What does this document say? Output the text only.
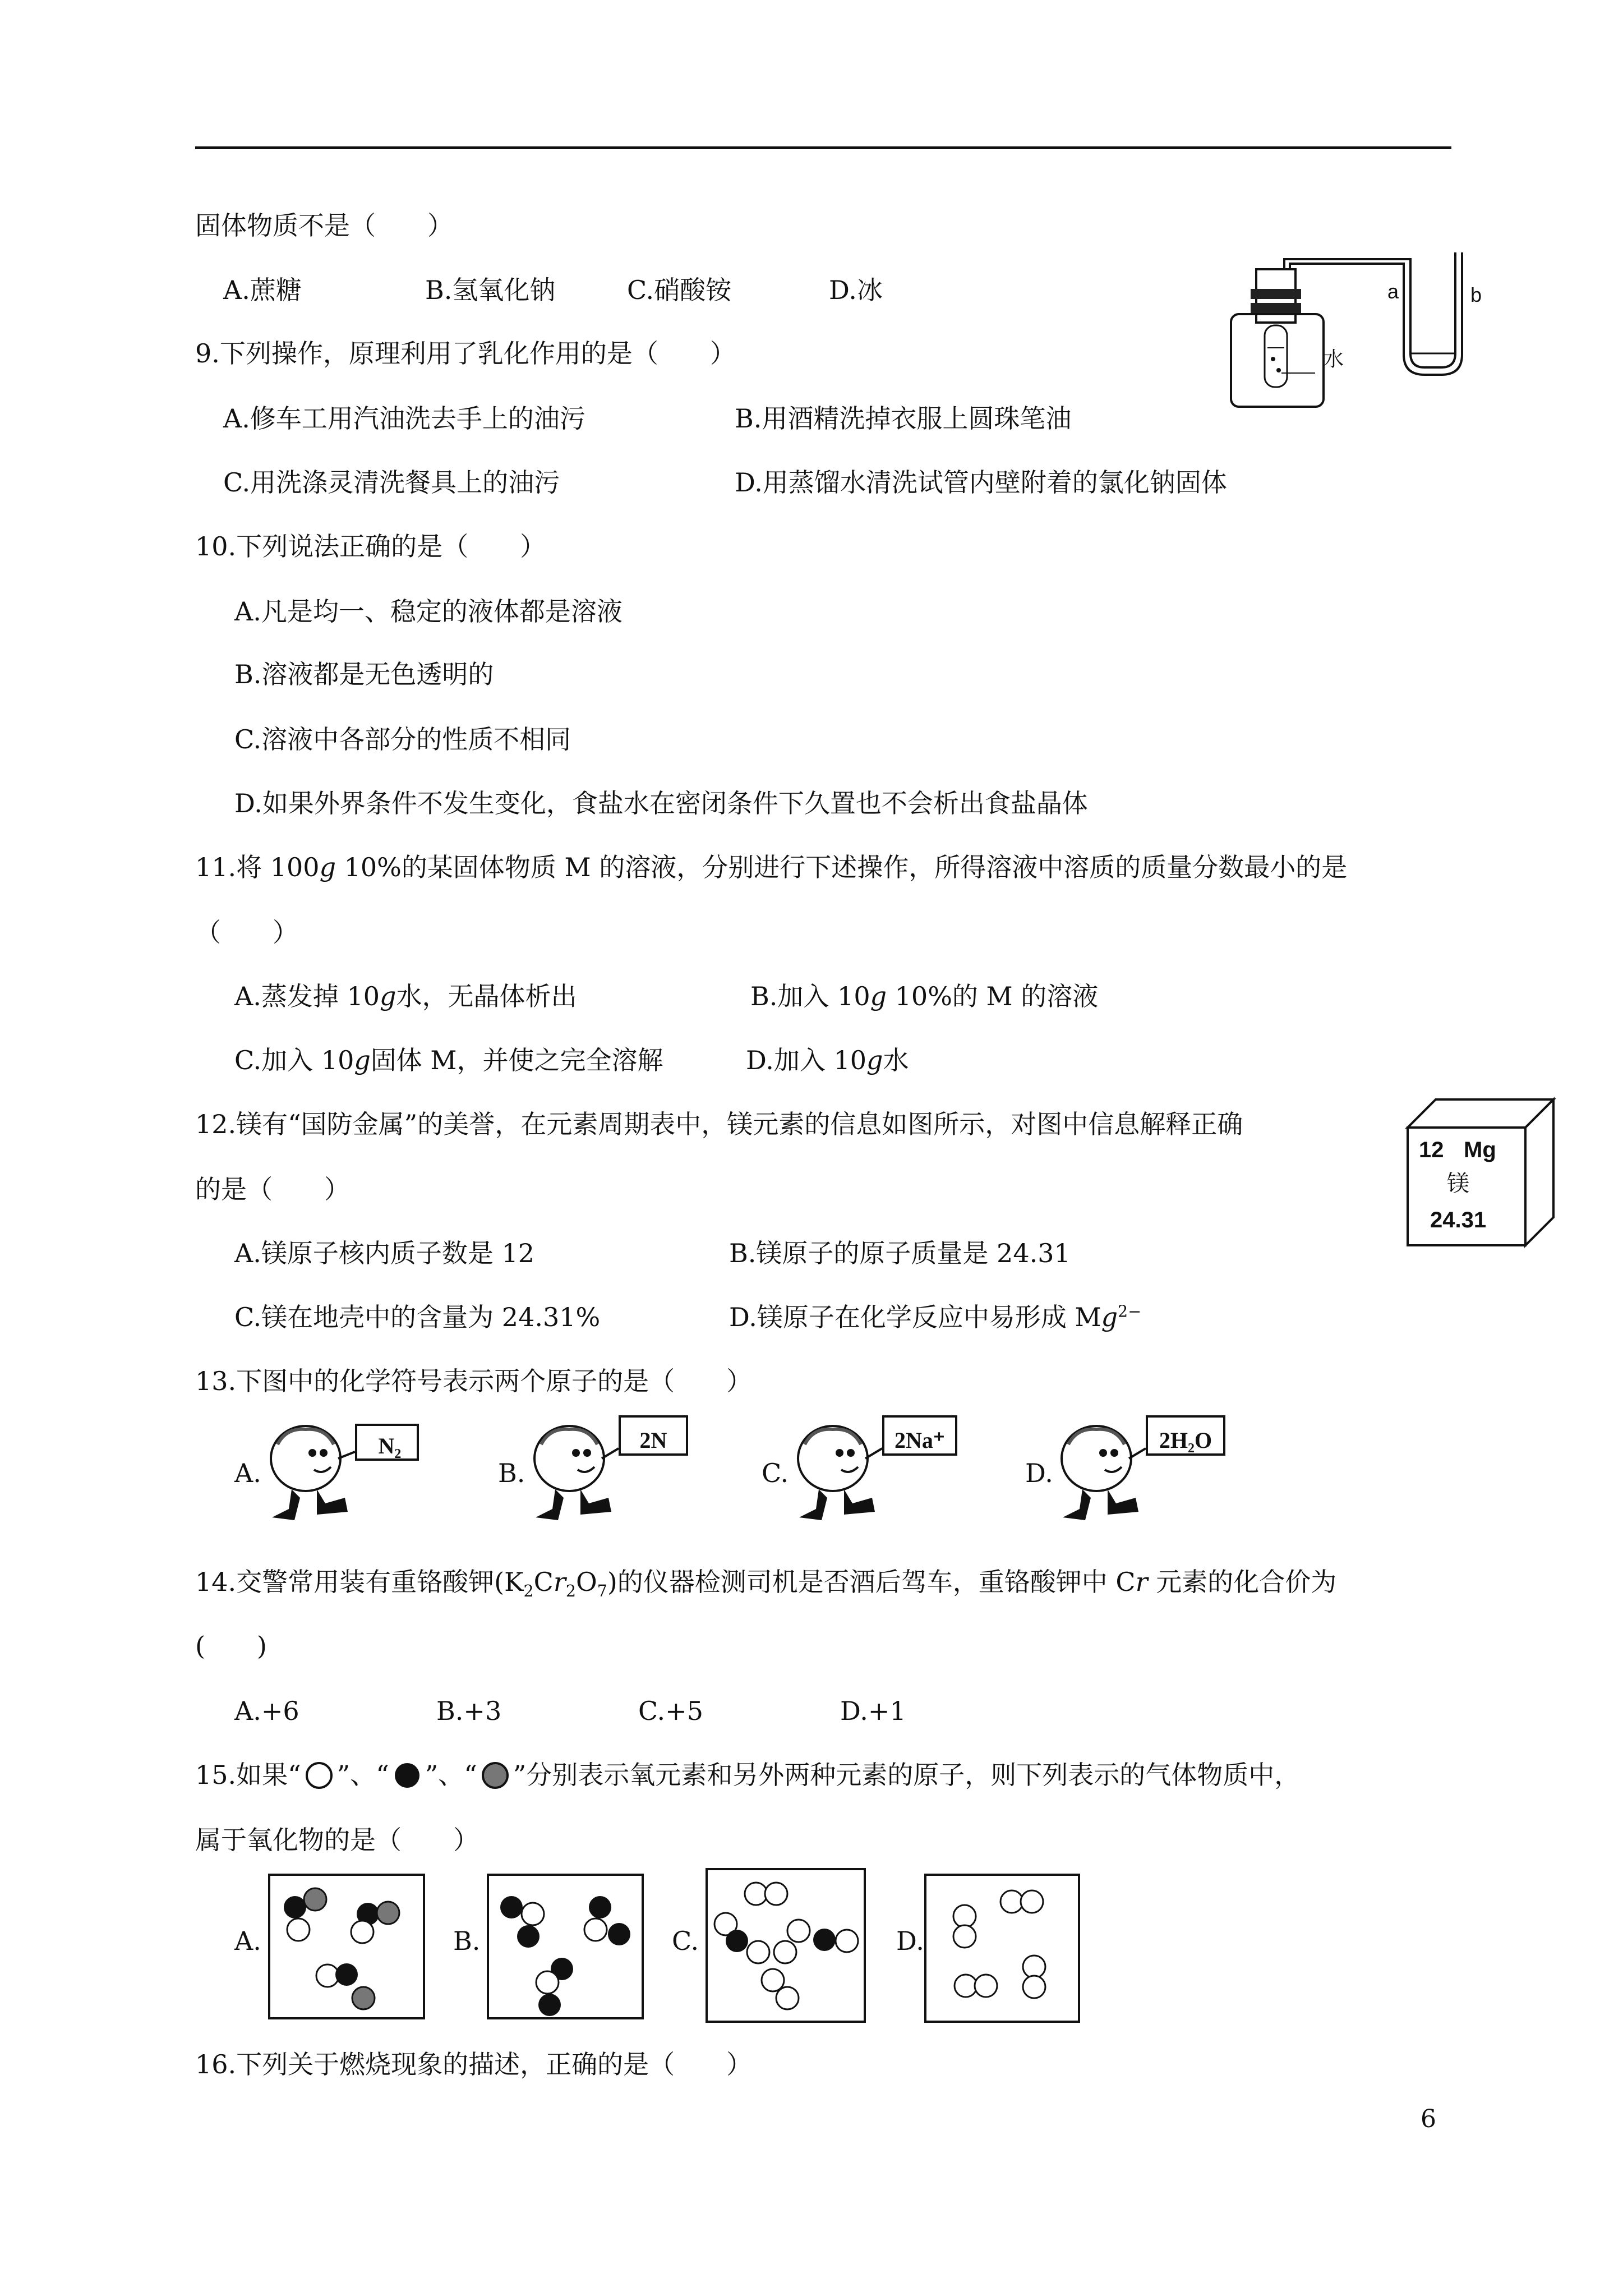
固体物质不是（　　）
A.蔗糖	B.氢氧化钠	C.硝酸铵	D.冰	a	b
水
9.下列操作，原理利用了乳化作用的是（　　）
A.修车工用汽油洗去手上的油污	B.用酒精洗掉衣服上圆珠笔油
C.用洗涤灵清洗餐具上的油污	D.用蒸馏水清洗试管内壁附着的氯化钠固体
10.下列说法正确的是（　　）
A.凡是均一、稳定的液体都是溶液
B.溶液都是无色透明的
C.溶液中各部分的性质不相同
D.如果外界条件不发生变化，食盐水在密闭条件下久置也不会析出食盐晶体
11.将 100g 10%的某固体物质 M 的溶液，分别进行下述操作，所得溶液中溶质的质量分数最小的是
（　　）
A.蒸发掉 10g水，无晶体析出	B.加入 10g 10%的 M 的溶液
C.加入 10g固体 M，并使之完全溶解	D.加入 10g水
12.镁有“国防金属”的美誉，在元素周期表中，镁元素的信息如图所示，对图中信息解释正确
的是（　　）
A.镁原子核内质子数是 12	B.镁原子的原子质量是 24.31
C.镁在地壳中的含量为 24.31%	D.镁原子在化学反应中易形成 $Mg^{2-}$
12 Mg
镁
24.31
13.下图中的化学符号表示两个原子的是（　　）
A.
N₂
B.
2N
C.
2Na⁺
D.
2H₂O
14.交警常用装有重铬酸钾$(K_2Cr_2O_7)$的仪器检测司机是否酒后驾车，重铬酸钾中 Cr 元素的化合价为
(　　)
A.+6	B.+3	C.+5	D.+1
15.如果“ ”、“ ”、“ ”分别表示氧元素和另外两种元素的原子，则下列表示的气体物质中，
属于氧化物的是（　　）
A.	B.	C.	D.
16.下列关于燃烧现象的描述，正确的是（　　）
6
